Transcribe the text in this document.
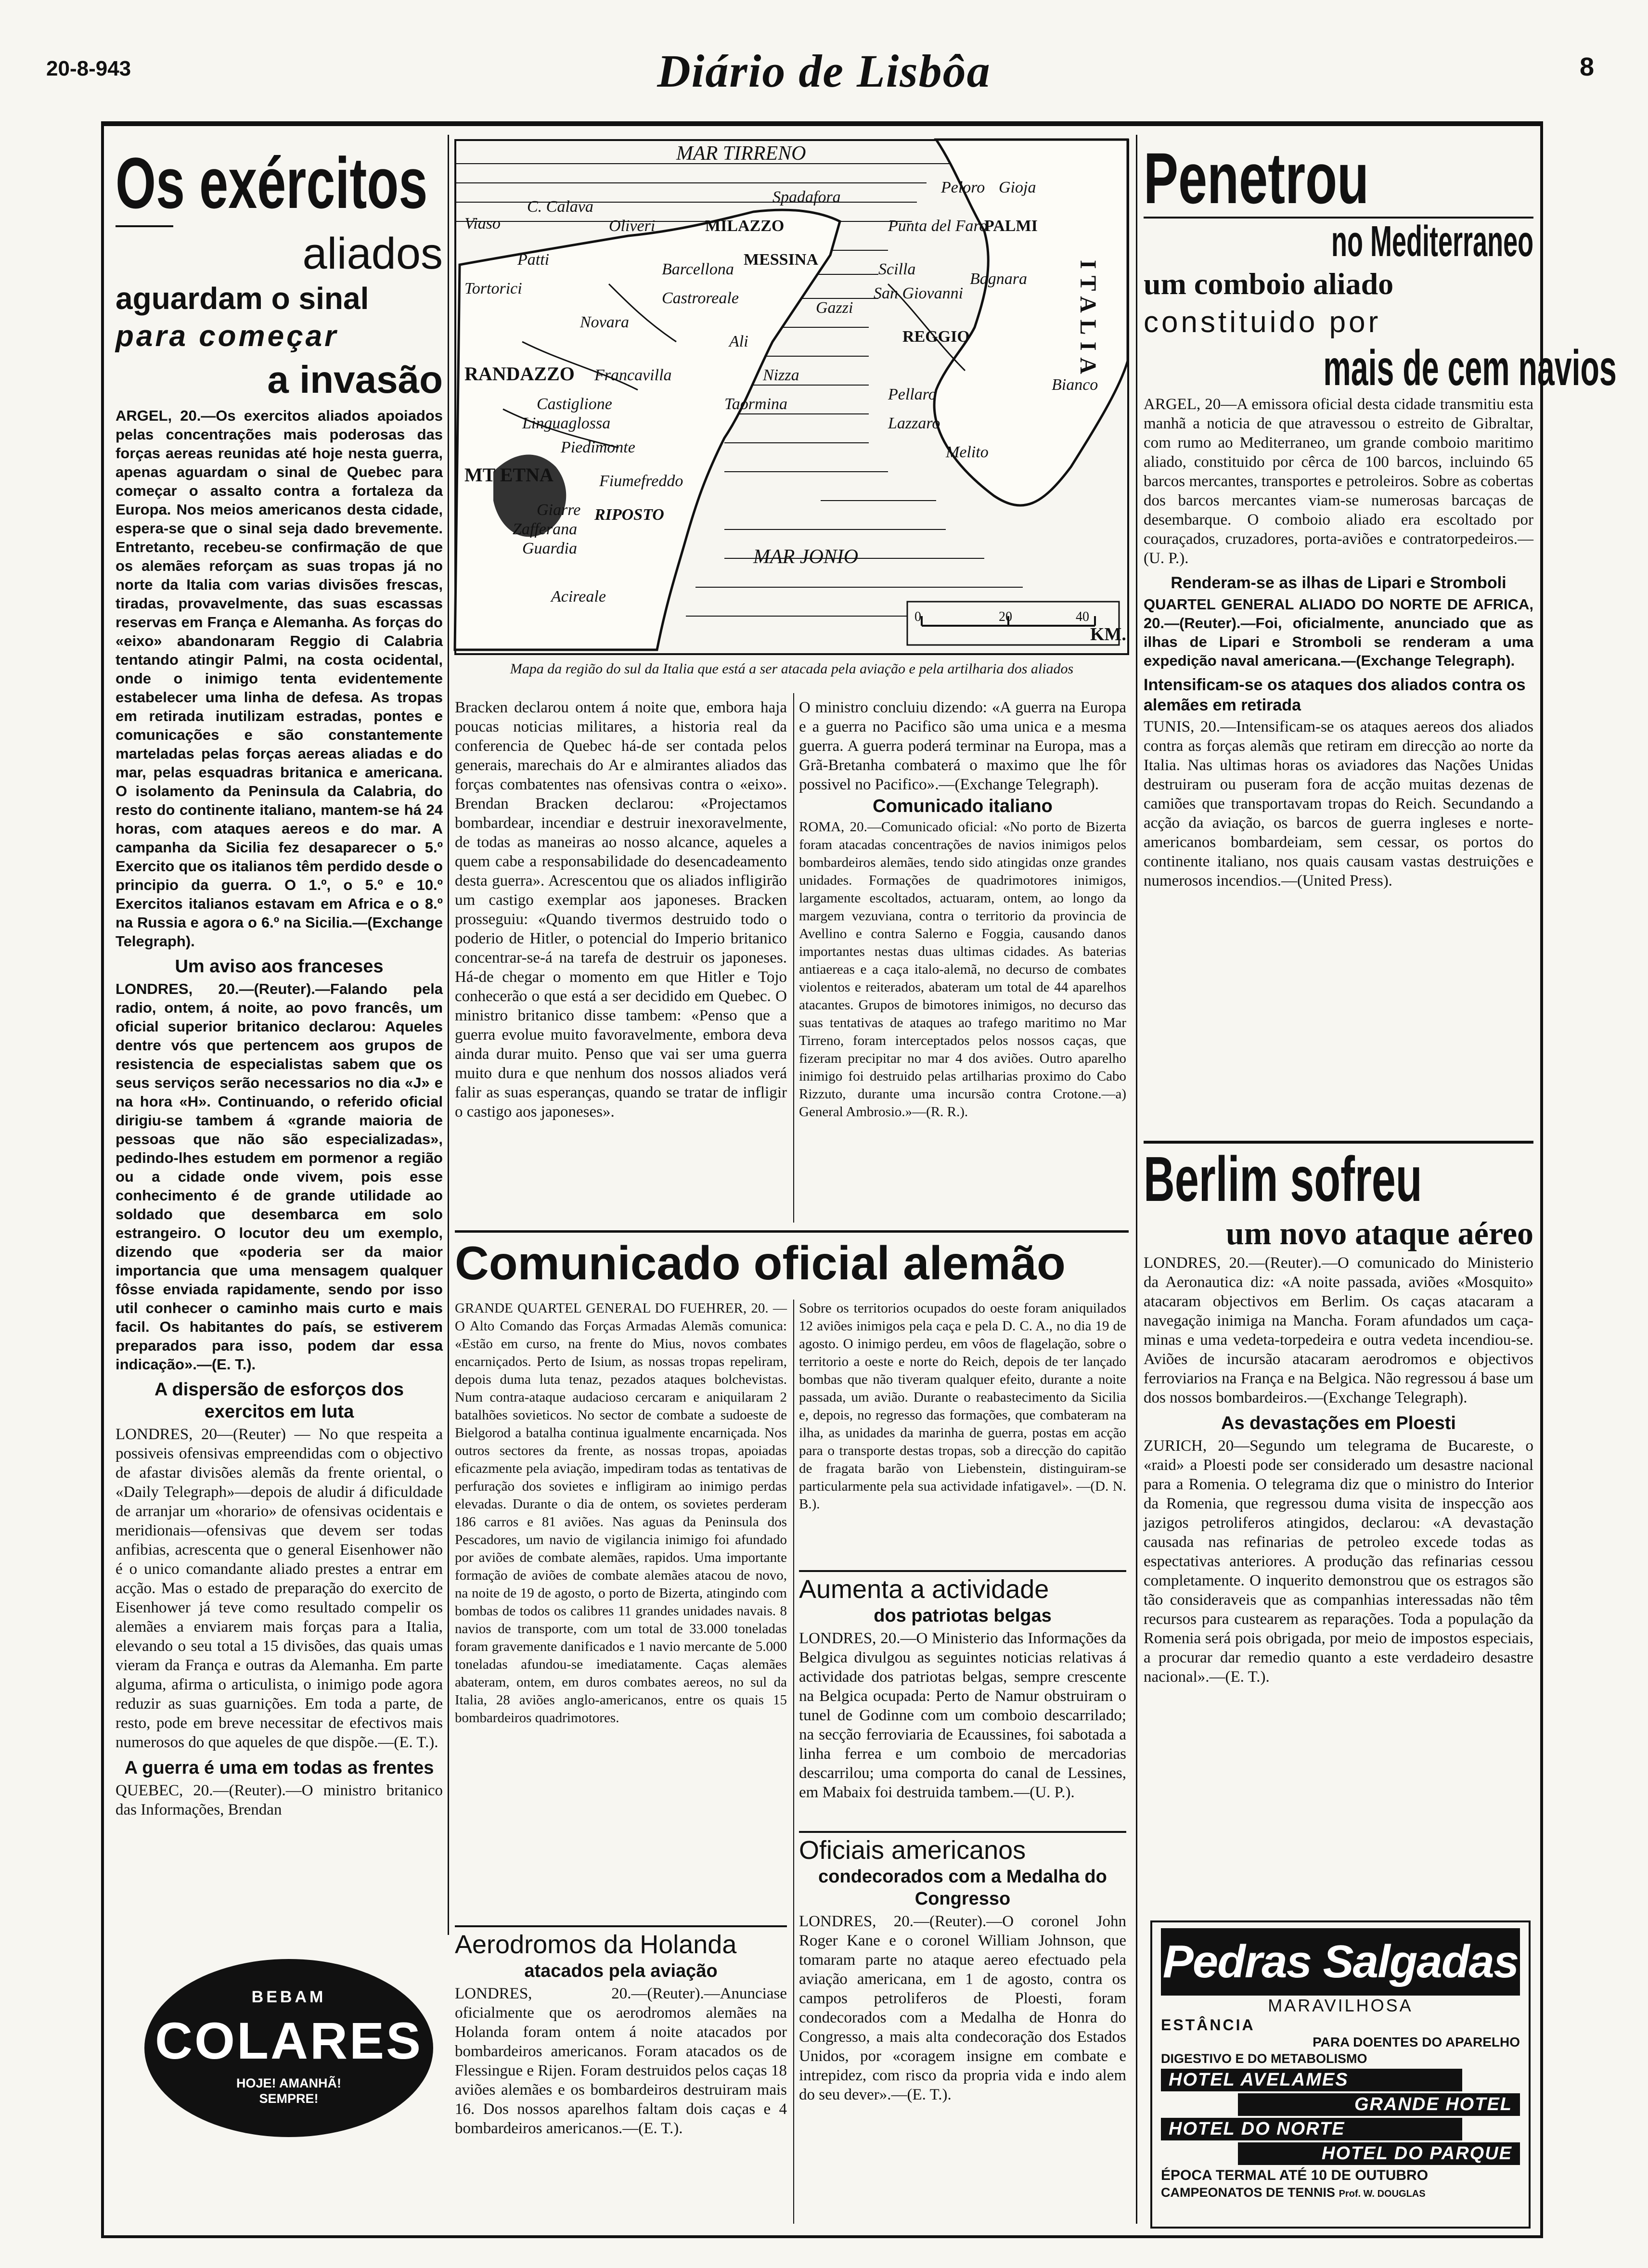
20-8-943	Diário de Lisbôa	8
Os exércitos
aliados
aguardam o sinal
para começar
a invasão

ARGEL, 20.—Os exercitos aliados apoiados pelas concentrações mais poderosas das forças aereas reunidas até hoje nesta guerra, apenas aguardam o sinal de Quebec para começar o assalto contra a fortaleza da Europa. Nos meios americanos desta cidade, espera-se que o sinal seja dado brevemente. Entretanto, recebeu-se confirmação de que os alemães reforçam as suas tropas já no norte da Italia com varias divisões frescas, tiradas, provavelmente, das suas escassas reservas em França e Alemanha. As forças do «eixo» abandonaram Reggio di Calabria tentando atingir Palmi, na costa ocidental, onde o inimigo tenta evidentemente estabelecer uma linha de defesa. As tropas em retirada inutilizam estradas, pontes e comunicações e são constantemente marteladas pelas forças aereas aliadas e do mar, pelas esquadras britanica e americana. O isolamento da Peninsula da Calabria, do resto do continente italiano, mantem-se há 24 horas, com ataques aereos e do mar. A campanha da Sicilia fez desaparecer o 5.º Exercito que os italianos têm perdido desde o principio da guerra. O 1.º, o 5.º e 10.º Exercitos italianos estavam em Africa e o 8.º na Russia e agora o 6.º na Sicilia.—(Exchange Telegraph).

Um aviso aos franceses

LONDRES, 20.—(Reuter).—Falando pela radio, ontem, á noite, ao povo francês, um oficial superior britanico declarou: Aqueles dentre vós que pertencem aos grupos de resistencia de especialistas sabem que os seus serviços serão necessarios no dia «J» e na hora «H». Continuando, o referido oficial dirigiu-se tambem á «grande maioria de pessoas que não são especializadas», pedindo-lhes estudem em pormenor a região ou a cidade onde vivem, pois esse conhecimento é de grande utilidade ao soldado que desembarca em solo estrangeiro. O locutor deu um exemplo, dizendo que «poderia ser da maior importancia que uma mensagem qualquer fôsse enviada rapidamente, sendo por isso util conhecer o caminho mais curto e mais facil. Os habitantes do país, se estiverem preparados para isso, podem dar essa indicação».—(E. T.).

A dispersão de esforços dos exercitos em luta

LONDRES, 20—(Reuter) — No que respeita a possiveis ofensivas empreendidas com o objectivo de afastar divisões alemãs da frente oriental, o «Daily Telegraph»—depois de aludir á dificuldade de arranjar um «horario» de ofensivas ocidentais e meridionais—ofensivas que devem ser todas anfibias, acrescenta que o general Eisenhower não é o unico comandante aliado prestes a entrar em acção. Mas o estado de preparação do exercito de Eisenhower já teve como resultado compelir os alemães a enviarem mais forças para a Italia, elevando o seu total a 15 divisões, das quais umas vieram da França e outras da Alemanha. Em parte alguma, afirma o articulista, o inimigo pode agora reduzir as suas guarnições. Em toda a parte, de resto, pode em breve necessitar de efectivos mais numerosos do que aqueles de que dispõe.—(E. T.).

A guerra é uma em todas as frentes

QUEBEC, 20.—(Reuter).—O ministro britanico das Informações, Brendan

BEBAM
COLARES
HOJE! AMANHÃ! SEMPRE!
MAR TIRRENO
C. Calava
MILAZZO
Spadafora
Peloro Gioja
Viaso	Oliveri	Punta del Faro
PALMI
Patti
Barcellona
MESSINA
Scilla
Bagnara
Tortorici
Castroreale	San Giovanni
Novara
Ali
Gazzi
REGGIO
RANDAZZO Francavilla	Nizza
Castiglione
Linguaglossa
Taormina
Pellaro
Bianco
Lazzaro
Piedimonte	Melito
MT ETNA	Fiumefreddo
Giarre
Zafferana
Guardia
RIPOSTO
MAR JONIO
Acireale
ITALIA
0	20	40
KM.
Mapa da região do sul da Italia que está a ser atacada pela aviação e pela artilharia dos aliados

Bracken declarou ontem á noite que, embora haja poucas noticias militares, a historia real da conferencia de Quebec há-de ser contada pelos generais, marechais do Ar e almirantes aliados das forças combatentes nas ofensivas contra o «eixo». Brendan Bracken declarou: «Projectamos bombardear, incendiar e destruir inexoravelmente, de todas as maneiras ao nosso alcance, aqueles a quem cabe a responsabilidade do desencadeamento desta guerra». Acrescentou que os aliados infligirão um castigo exemplar aos japoneses. Bracken prosseguiu: «Quando tivermos destruido todo o poderio de Hitler, o potencial do Imperio britanico concentrar-se-á na tarefa de destruir os japoneses. Há-de chegar o momento em que Hitler e Tojo conhecerão o que está a ser decidido em Quebec. O ministro britanico disse tambem: «Penso que a guerra evolue muito favoravelmente, embora deva ainda durar muito. Penso que vai ser uma guerra muito dura e que nenhum dos nossos aliados verá falir as suas esperanças, quando se tratar de infligir o castigo aos japoneses».

O ministro concluiu dizendo: «A guerra na Europa e a guerra no Pacifico são uma unica e a mesma guerra. A guerra poderá terminar na Europa, mas a Grã-Bretanha combaterá o maximo que lhe fôr possivel no Pacifico».—(Exchange Telegraph).

Comunicado italiano

ROMA, 20.—Comunicado oficial: «No porto de Bizerta foram atacadas concentrações de navios inimigos pelos bombardeiros alemães, tendo sido atingidas onze grandes unidades. Formações de quadrimotores inimigos, largamente escoltados, actuaram, ontem, ao longo da margem vezuviana, contra o territorio da provincia de Avellino e contra Salerno e Foggia, causando danos importantes nestas duas ultimas cidades. As baterias antiaereas e a caça italo-alemã, no decurso de combates violentos e reiterados, abateram um total de 44 aparelhos atacantes. Grupos de bimotores inimigos, no decurso das suas tentativas de ataques ao trafego maritimo no Mar Tirreno, foram interceptados pelos nossos caças, que fizeram precipitar no mar 4 dos aviões. Outro aparelho inimigo foi destruido pelas artilharias proximo do Cabo Rizzuto, durante uma incursão contra Crotone.—a) General Ambrosio.»—(R. R.).

Comunicado oficial alemão

GRANDE QUARTEL GENERAL DO FUEHRER, 20. — O Alto Comando das Forças Armadas Alemãs comunica: «Estão em curso, na frente do Mius, novos combates encarniçados. Perto de Isium, as nossas tropas repeliram, depois duma luta tenaz, pezados ataques bolchevistas. Num contra-ataque audacioso cercaram e aniquilaram 2 batalhões sovieticos. No sector de combate a sudoeste de Bielgorod a batalha continua igualmente encarniçada. Nos outros sectores da frente, as nossas tropas, apoiadas eficazmente pela aviação, impediram todas as tentativas de perfuração dos sovietes e infligiram ao inimigo perdas elevadas. Durante o dia de ontem, os sovietes perderam 186 carros e 81 aviões. Nas aguas da Peninsula dos Pescadores, um navio de vigilancia inimigo foi afundado por aviões de combate alemães, rapidos. Uma importante formação de aviões de combate alemães atacou de novo, na noite de 19 de agosto, o porto de Bizerta, atingindo com bombas de todos os calibres 11 grandes unidades navais. 8 navios de transporte, com um total de 33.000 toneladas foram gravemente danificados e 1 navio mercante de 5.000 toneladas afundou-se imediatamente. Caças alemães abateram, ontem, em duros combates aereos, no sul da Italia, 28 aviões anglo-americanos, entre os quais 15 bombardeiros quadrimotores.

Sobre os territorios ocupados do oeste foram aniquilados 12 aviões inimigos pela caça e pela D. C. A., no dia 19 de agosto. O inimigo perdeu, em vôos de flagelação, sobre o territorio a oeste e norte do Reich, depois de ter lançado bombas que não tiveram qualquer efeito, durante a noite passada, um avião. Durante o reabastecimento da Sicilia e, depois, no regresso das formações, que combateram na ilha, as unidades da marinha de guerra, postas em acção para o transporte destas tropas, sob a direcção do capitão de fragata barão von Liebenstein, distinguiram-se particularmente pela sua actividade infatigavel». —(D. N. B.).

Aumenta a actividade
dos patriotas belgas

LONDRES, 20.—O Ministerio das Informações da Belgica divulgou as seguintes noticias relativas á actividade dos patriotas belgas, sempre crescente na Belgica ocupada: Perto de Namur obstruiram o tunel de Godinne com um comboio descarrilado; na secção ferroviaria de Ecaussines, foi sabotada a linha ferrea e um comboio de mercadorias descarrilou; uma comporta do canal de Lessines, em Mabaix foi destruida tambem.—(U. P.).

Oficiais americanos
condecorados com a Medalha do Congresso

LONDRES, 20.—(Reuter).—O coronel John Roger Kane e o coronel William Johnson, que tomaram parte no ataque aereo efectuado pela aviação americana, em 1 de agosto, contra os campos petroliferos de Ploesti, foram condecorados com a Medalha de Honra do Congresso, a mais alta condecoração dos Estados Unidos, por «coragem insigne em combate e intrepidez, com risco da propria vida e indo alem do seu dever».—(E. T.).

Aerodromos da Holanda
atacados pela aviação

LONDRES, 20.—(Reuter).—Anunciase oficialmente que os aerodromos alemães na Holanda foram ontem á noite atacados por bombardeiros americanos. Foram atacados os de Flessingue e Rijen. Foram destruidos pelos caças 18 aviões alemães e os bombardeiros destruiram mais 16. Dos nossos aparelhos faltam dois caças e 4 bombardeiros americanos.—(E. T.).

Penetrou
no Mediterraneo
um comboio aliado
constituido por
mais de cem navios

ARGEL, 20—A emissora oficial desta cidade transmitiu esta manhã a noticia de que atravessou o estreito de Gibraltar, com rumo ao Mediterraneo, um grande comboio maritimo aliado, constituido por cêrca de 100 barcos, incluindo 65 barcos mercantes, transportes e petroleiros. Sobre as cobertas dos barcos mercantes viam-se numerosas barcaças de desembarque. O comboio aliado era escoltado por couraçados, cruzadores, porta-aviões e contratorpedeiros.—(U. P.).

Renderam-se as ilhas de Lipari e Stromboli

QUARTEL GENERAL ALIADO DO NORTE DE AFRICA, 20.—(Reuter).—Foi, oficialmente, anunciado que as ilhas de Lipari e Stromboli se renderam a uma expedição naval americana.—(Exchange Telegraph).

Intensificam-se os ataques dos aliados contra os alemães em retirada

TUNIS, 20.—Intensificam-se os ataques aereos dos aliados contra as forças alemãs que retiram em direcção ao norte da Italia. Nas ultimas horas os aviadores das Nações Unidas destruiram ou puseram fora de acção muitas dezenas de camiões que transportavam tropas do Reich. Secundando a acção da aviação, os barcos de guerra ingleses e norte-americanos bombardeiam, sem cessar, os portos do continente italiano, nos quais causam vastas destruições e numerosos incendios.—(United Press).

Berlim sofreu
um novo ataque aéreo

LONDRES, 20.—(Reuter).—O comunicado do Ministerio da Aeronautica diz: «A noite passada, aviões «Mosquito» atacaram objectivos em Berlim. Os caças atacaram a navegação inimiga na Mancha. Foram afundados um caça-minas e uma vedeta-torpedeira e outra vedeta incendiou-se. Aviões de incursão atacaram aerodromos e objectivos ferroviarios na França e na Belgica. Não regressou á base um dos nossos bombardeiros.—(Exchange Telegraph).

As devastações em Ploesti

ZURICH, 20—Segundo um telegrama de Bucareste, o «raid» a Ploesti pode ser considerado um desastre nacional para a Romenia. O telegrama diz que o ministro do Interior da Romenia, que regressou duma visita de inspecção aos jazigos petroliferos atingidos, declarou: «A devastação causada nas refinarias de petroleo excede todas as espectativas anteriores. A produção das refinarias cessou completamente. O inquerito demonstrou que os estragos são tão consideraveis que as companhias interessadas não têm recursos para custearem as reparações. Toda a população da Romenia será pois obrigada, por meio de impostos especiais, a procurar dar remedio quanto a este verdadeiro desastre nacional».—(E. T.).

Pedras Salgadas
MARAVILHOSA
ESTÂNCIA
PARA DOENTES DO APARELHO
DIGESTIVO E DO METABOLISMO
HOTEL AVELAMES
GRANDE HOTEL
HOTEL DO NORTE
HOTEL DO PARQUE
ÉPOCA TERMAL ATÉ 10 DE OUTUBRO
CAMPEONATOS DE TENNIS Prof. W. DOUGLAS
